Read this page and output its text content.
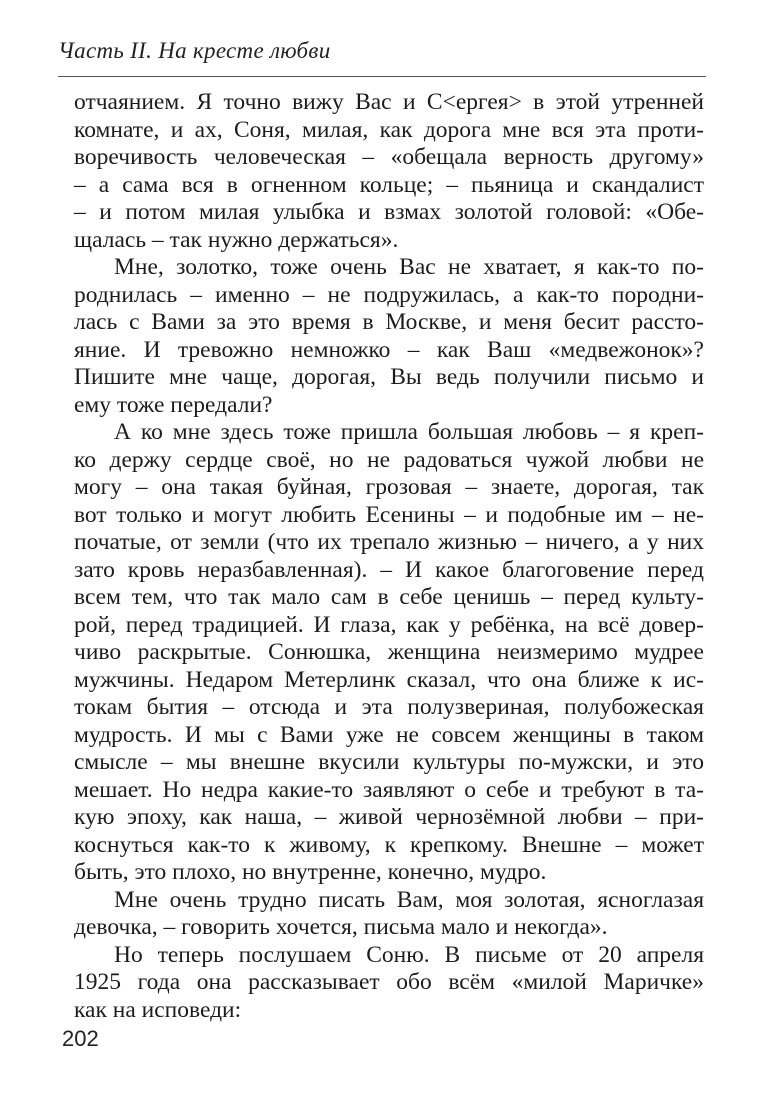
Часть II. На кресте любви
отчаянием. Я точно вижу Вас и С<ергея> в этой утренней
комнате, и ах, Соня, милая, как дорога мне вся эта проти-
воречивость человеческая – «обещала верность другому»
– а сама вся в огненном кольце; – пьяница и скандалист
– и потом милая улыбка и взмах золотой головой: «Обе-
щалась – так нужно держаться».
Мне, золотко, тоже очень Вас не хватает, я как-то по-
роднилась – именно – не подружилась, а как-то породни-
лась с Вами за это время в Москве, и меня бесит рассто-
яние. И тревожно немножко – как Ваш «медвежонок»?
Пишите мне чаще, дорогая, Вы ведь получили письмо и
ему тоже передали?
А ко мне здесь тоже пришла большая любовь – я креп-
ко держу сердце своё, но не радоваться чужой любви не
могу – она такая буйная, грозовая – знаете, дорогая, так
вот только и могут любить Есенины – и подобные им – не-
початые, от земли (что их трепало жизнью – ничего, а у них
зато кровь неразбавленная). – И какое благоговение перед
всем тем, что так мало сам в себе ценишь – перед культу-
рой, перед традицией. И глаза, как у ребёнка, на всё довер-
чиво раскрытые. Сонюшка, женщина неизмеримо мудрее
мужчины. Недаром Метерлинк сказал, что она ближе к ис-
токам бытия – отсюда и эта полузвериная, полубожеская
мудрость. И мы с Вами уже не совсем женщины в таком
смысле – мы внешне вкусили культуры по-мужски, и это
мешает. Но недра какие-то заявляют о себе и требуют в та-
кую эпоху, как наша, – живой чернозёмной любви – при-
коснуться как-то к живому, к крепкому. Внешне – может
быть, это плохо, но внутренне, конечно, мудро.
Мне очень трудно писать Вам, моя золотая, ясноглазая
девочка, – говорить хочется, письма мало и некогда».
Но теперь послушаем Соню. В письме от 20 апреля
1925 года она рассказывает обо всём «милой Маричке»
как на исповеди:
202
